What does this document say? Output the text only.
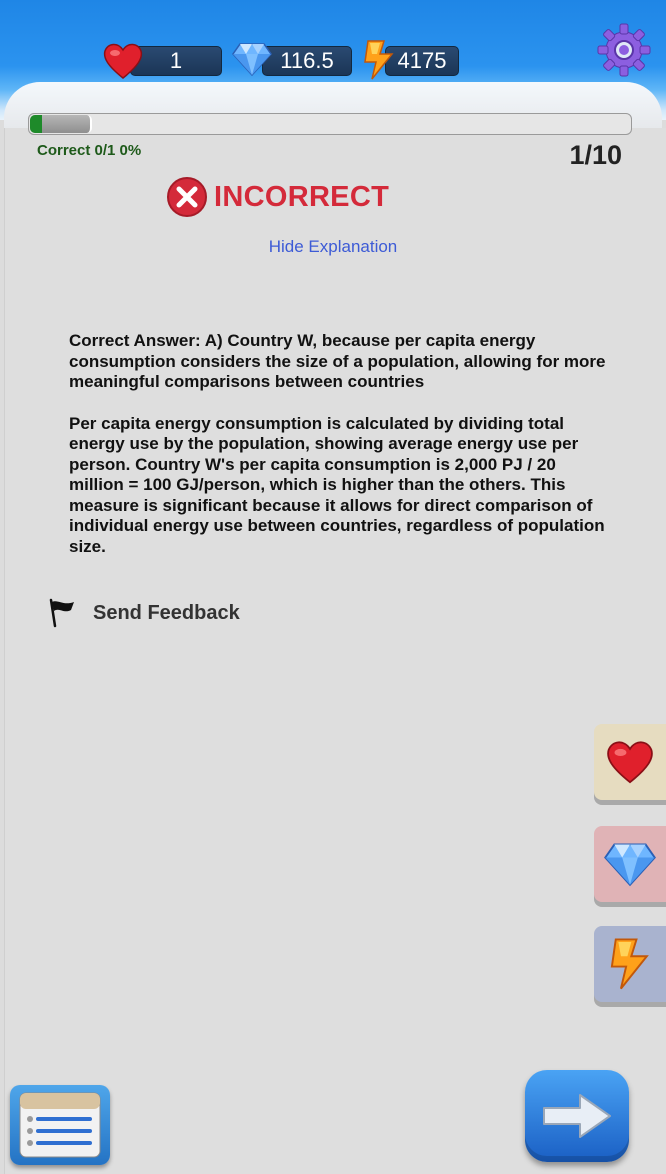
1	116.5	4175
Correct 0/1 0%	1/10
INCORRECT
Hide Explanation

Correct Answer: A) Country W, because per capita energy consumption considers the size of a population, allowing for more meaningful comparisons between countries

Per capita energy consumption is calculated by dividing total energy use by the population, showing average energy use per person. Country W's per capita consumption is 2,000 PJ / 20 million = 100 GJ/person, which is higher than the others. This measure is significant because it allows for direct comparison of individual energy use between countries, regardless of population size.

Send Feedback
